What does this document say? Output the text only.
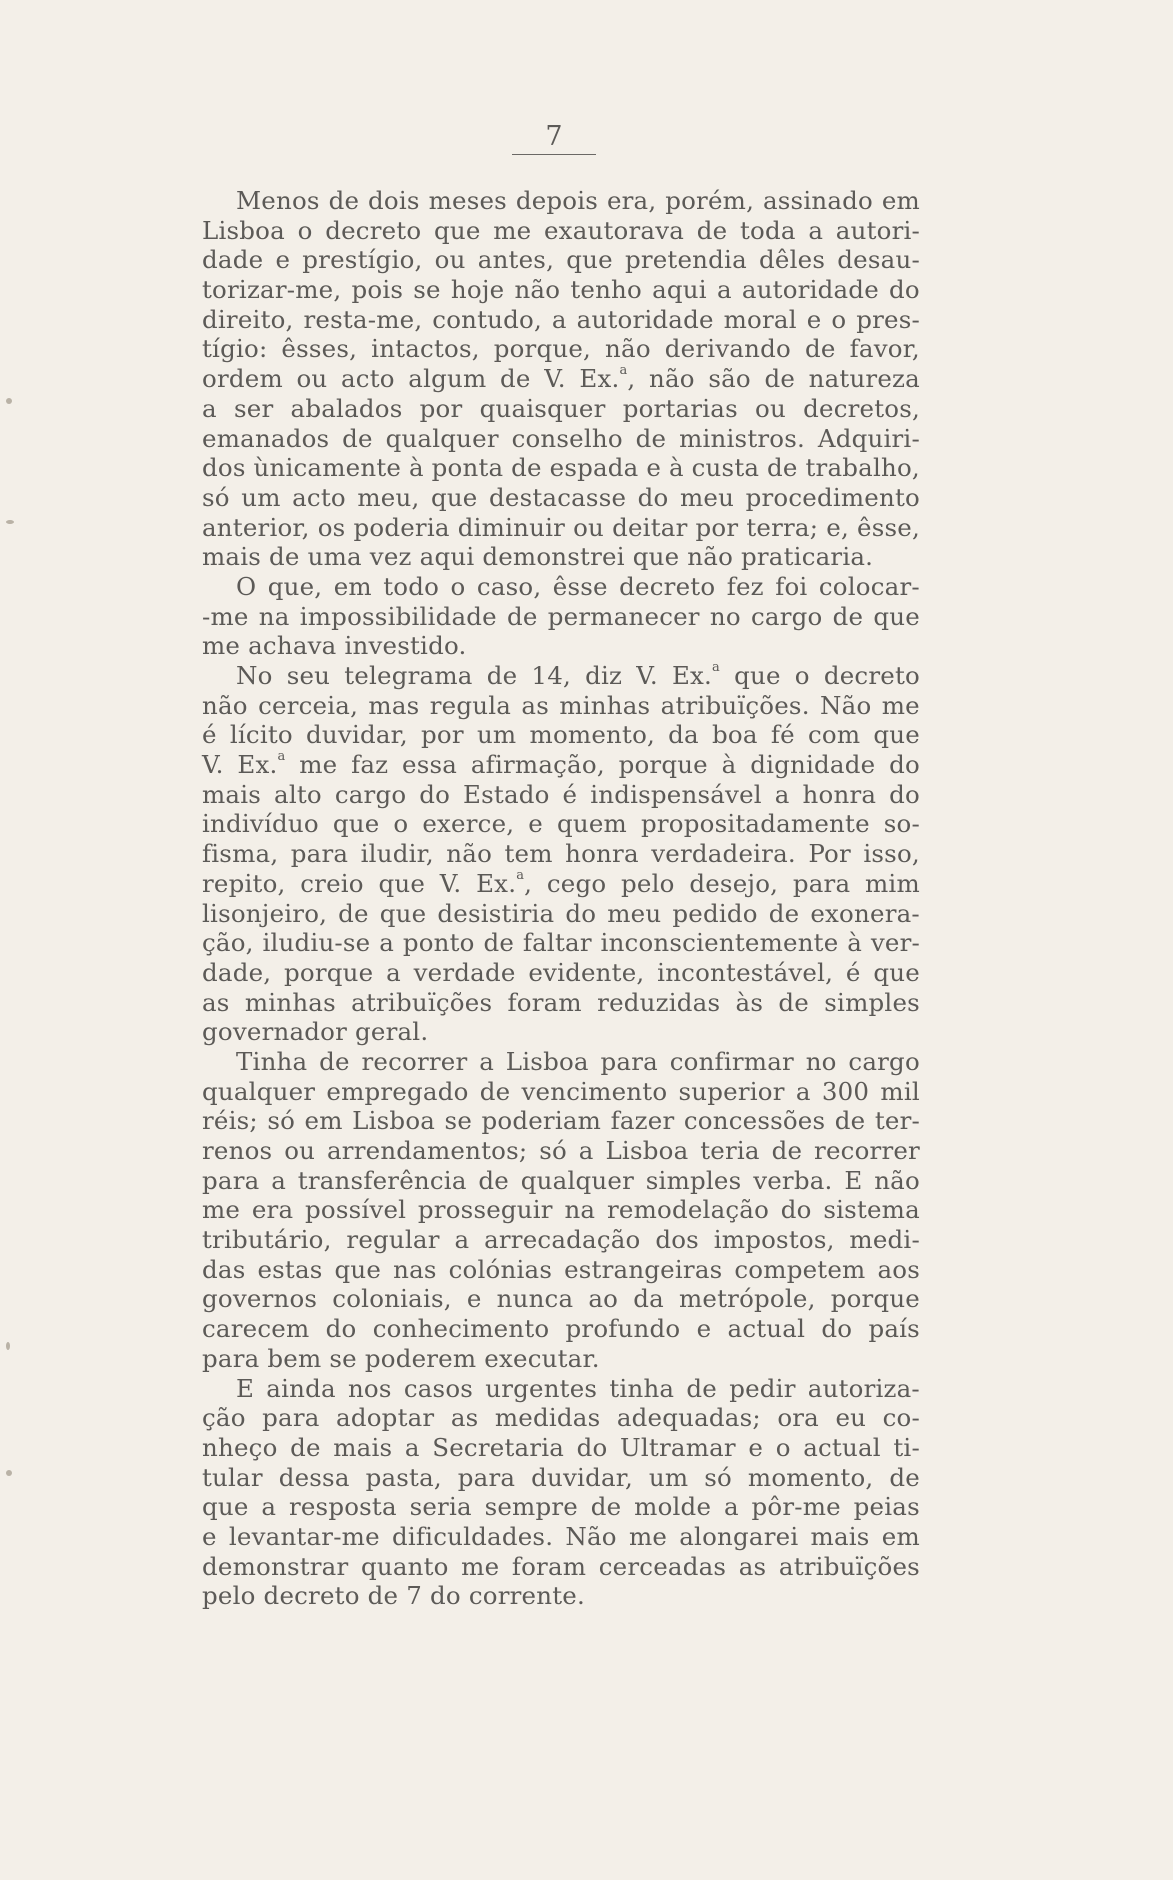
7
Menos de dois meses depois era, porém, assinado em
Lisboa o decreto que me exautorava de toda a autori-
dade e prestígio, ou antes, que pretendia dêles desau-
torizar-me, pois se hoje não tenho aqui a autoridade do
direito, resta-me, contudo, a autoridade moral e o pres-
tígio: êsses, intactos, porque, não derivando de favor,
ordem ou acto algum de V. Ex.$^a$, não são de natureza
a ser abalados por quaisquer portarias ou decretos,
emanados de qualquer conselho de ministros. Adquiri-
dos ùnicamente à ponta de espada e à custa de trabalho,
só um acto meu, que destacasse do meu procedimento
anterior, os poderia diminuir ou deitar por terra; e, êsse,
mais de uma vez aqui demonstrei que não praticaria.
O que, em todo o caso, êsse decreto fez foi colocar-
-me na impossibilidade de permanecer no cargo de que
me achava investido.
No seu telegrama de 14, diz V. Ex.$^a$ que o decreto
não cerceia, mas regula as minhas atribuïções. Não me
é lícito duvidar, por um momento, da boa fé com que
V. Ex.$^a$ me faz essa afirmação, porque à dignidade do
mais alto cargo do Estado é indispensável a honra do
indivíduo que o exerce, e quem propositadamente so-
fisma, para iludir, não tem honra verdadeira. Por isso,
repito, creio que V. Ex.$^a$, cego pelo desejo, para mim
lisonjeiro, de que desistiria do meu pedido de exonera-
ção, iludiu-se a ponto de faltar inconscientemente à ver-
dade, porque a verdade evidente, incontestável, é que
as minhas atribuïções foram reduzidas às de simples
governador geral.
Tinha de recorrer a Lisboa para confirmar no cargo
qualquer empregado de vencimento superior a 300 mil
réis; só em Lisboa se poderiam fazer concessões de ter-
renos ou arrendamentos; só a Lisboa teria de recorrer
para a transferência de qualquer simples verba. E não
me era possível prosseguir na remodelação do sistema
tributário, regular a arrecadação dos impostos, medi-
das estas que nas colónias estrangeiras competem aos
governos coloniais, e nunca ao da metrópole, porque
carecem do conhecimento profundo e actual do país
para bem se poderem executar.
E ainda nos casos urgentes tinha de pedir autoriza-
ção para adoptar as medidas adequadas; ora eu co-
nheço de mais a Secretaria do Ultramar e o actual ti-
tular dessa pasta, para duvidar, um só momento, de
que a resposta seria sempre de molde a pôr-me peias
e levantar-me dificuldades. Não me alongarei mais em
demonstrar quanto me foram cerceadas as atribuïções
pelo decreto de 7 do corrente.
